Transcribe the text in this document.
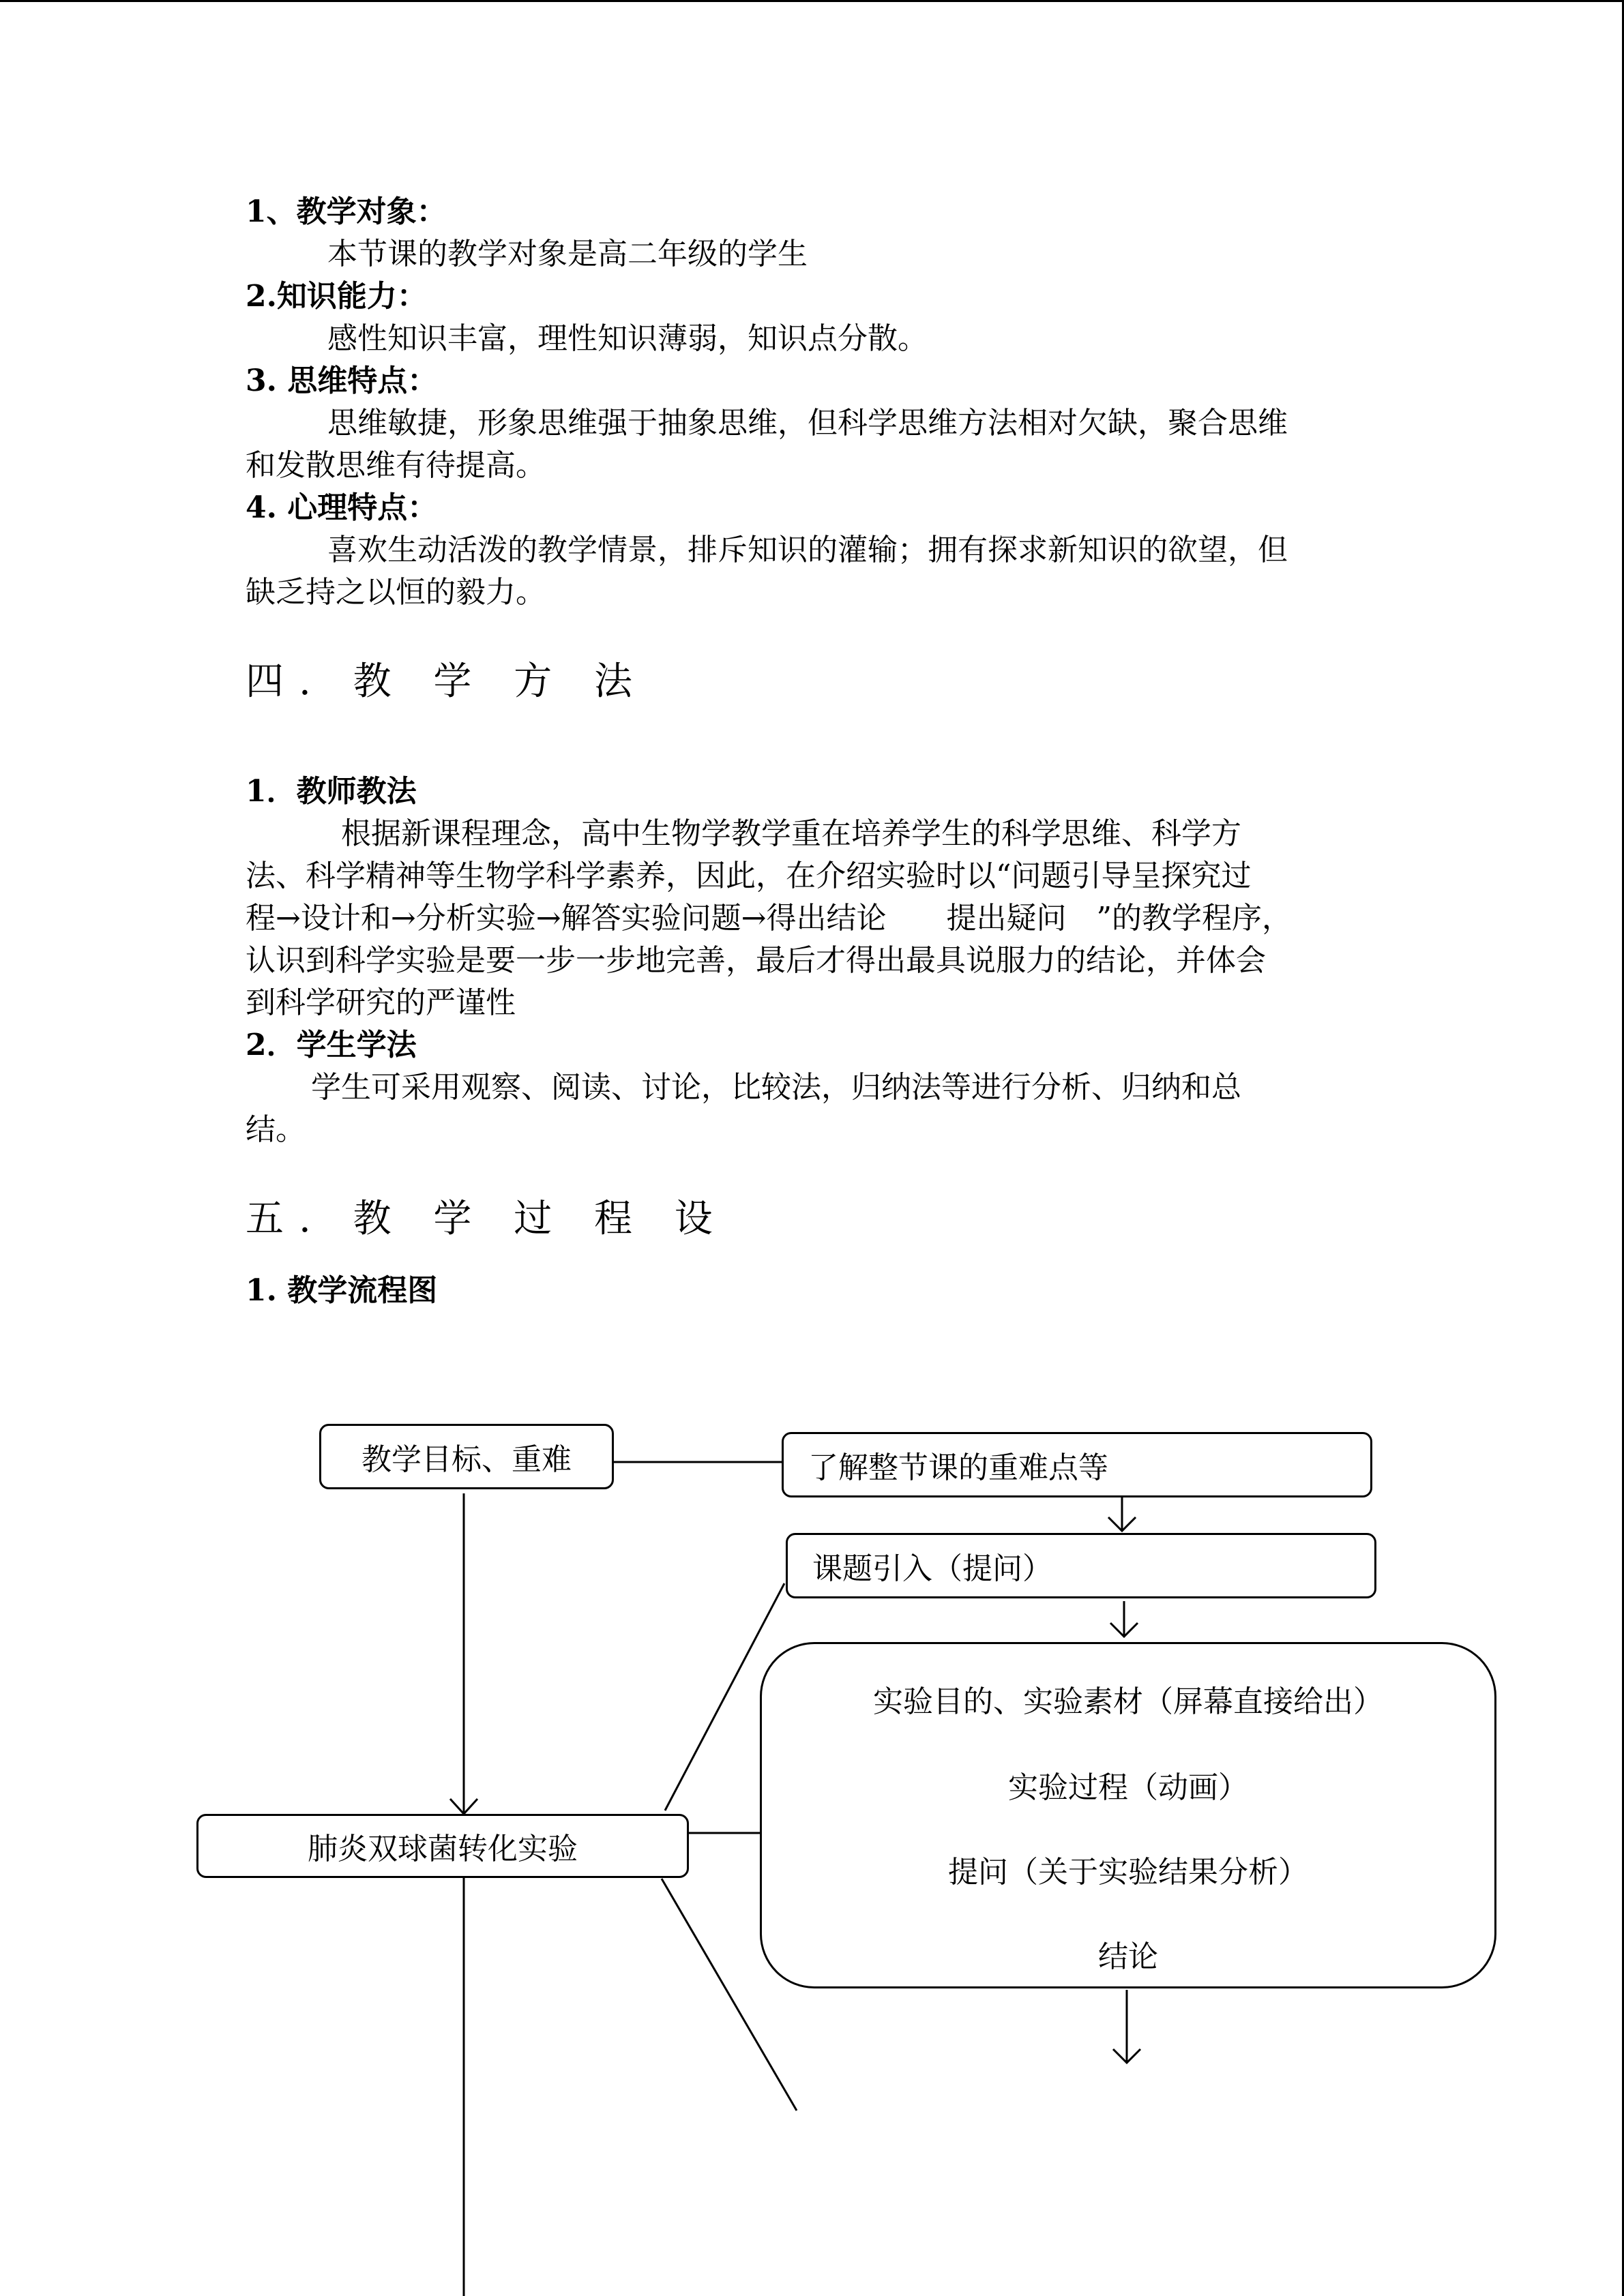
1、教学对象：
本节课的教学对象是高二年级的学生
2.知识能力：
感性知识丰富，理性知识薄弱，知识点分散。
3. 思维特点：
思维敏捷，形象思维强于抽象思维，但科学思维方法相对欠缺，聚合思维
和发散思维有待提高。
4. 心理特点：
喜欢生动活泼的教学情景，排斥知识的灌输；拥有探求新知识的欲望，但
缺乏持之以恒的毅力。
四. 教 学 方 法
1．教师教法
根据新课程理念，高中生物学教学重在培养学生的科学思维、科学方
法、科学精神等生物学科学素养，因此，在介绍实验时以“问题引导呈探究过
程→设计和→分析实验→解答实验问题→得出结论　　提出疑问　”的教学程序，
认识到科学实验是要一步一步地完善，最后才得出最具说服力的结论，并体会
到科学研究的严谨性
2．学生学法
学生可采用观察、阅读、讨论，比较法，归纳法等进行分析、归纳和总
结。
五. 教 学 过 程 设
1. 教学流程图
教学目标、重难	了解整节课的重难点等
课题引入（提问）
肺炎双球菌转化实验
实验目的、实验素材（屏幕直接给出）
实验过程（动画）
提问（关于实验结果分析）
结论
